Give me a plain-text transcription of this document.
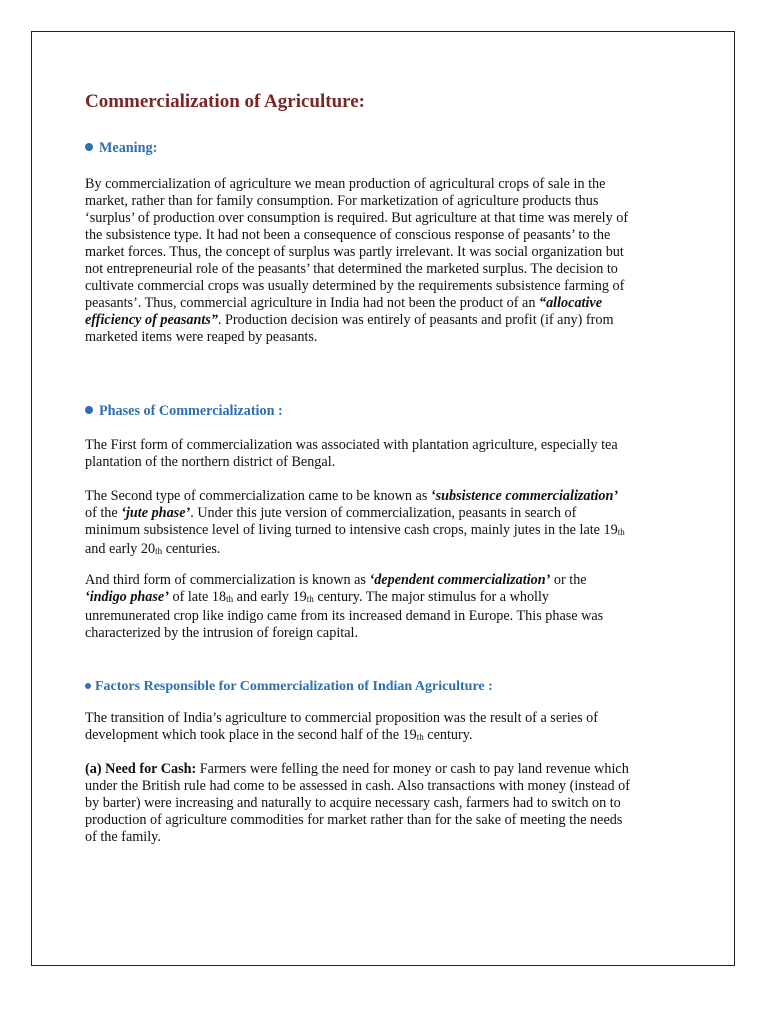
Commercialization of Agriculture:
Meaning:

By commercialization of agriculture we mean production of agricultural crops of sale in the market, rather than for family consumption. For marketization of agriculture products thus ‘surplus’ of production over consumption is required. But agriculture at that time was merely of the subsistence type. It had not been a consequence of conscious response of peasants’ to the market forces. Thus, the concept of surplus was partly irrelevant. It was social organization but not entrepreneurial role of the peasants’ that determined the marketed surplus. The decision to cultivate commercial crops was usually determined by the requirements subsistence farming of peasants’. Thus, commercial agriculture in India had not been the product of an “allocative efficiency of peasants”. Production decision was entirely of peasants and profit (if any) from marketed items were reaped by peasants.

Phases of Commercialization :

The First form of commercialization was associated with plantation agriculture, especially tea plantation of the northern district of Bengal.

The Second type of commercialization came to be known as ‘subsistence commercialization’ of the ‘jute phase’. Under this jute version of commercialization, peasants in search of minimum subsistence level of living turned to intensive cash crops, mainly jutes in the late $19_{th}$ and early $20_{th}$ centuries.

And third form of commercialization is known as ‘dependent commercialization’ or the ‘indigo phase’ of late $18_{th}$ and early $19_{th}$ century. The major stimulus for a wholly unremunerated crop like indigo came from its increased demand in Europe. This phase was characterized by the intrusion of foreign capital.

Factors Responsible for Commercialization of Indian Agriculture :

The transition of India’s agriculture to commercial proposition was the result of a series of development which took place in the second half of the $19_{th}$ century.

(a) Need for Cash: Farmers were felling the need for money or cash to pay land revenue which under the British rule had come to be assessed in cash. Also transactions with money (instead of by barter) were increasing and naturally to acquire necessary cash, farmers had to switch on to production of agriculture commodities for market rather than for the sake of meeting the needs of the family.
